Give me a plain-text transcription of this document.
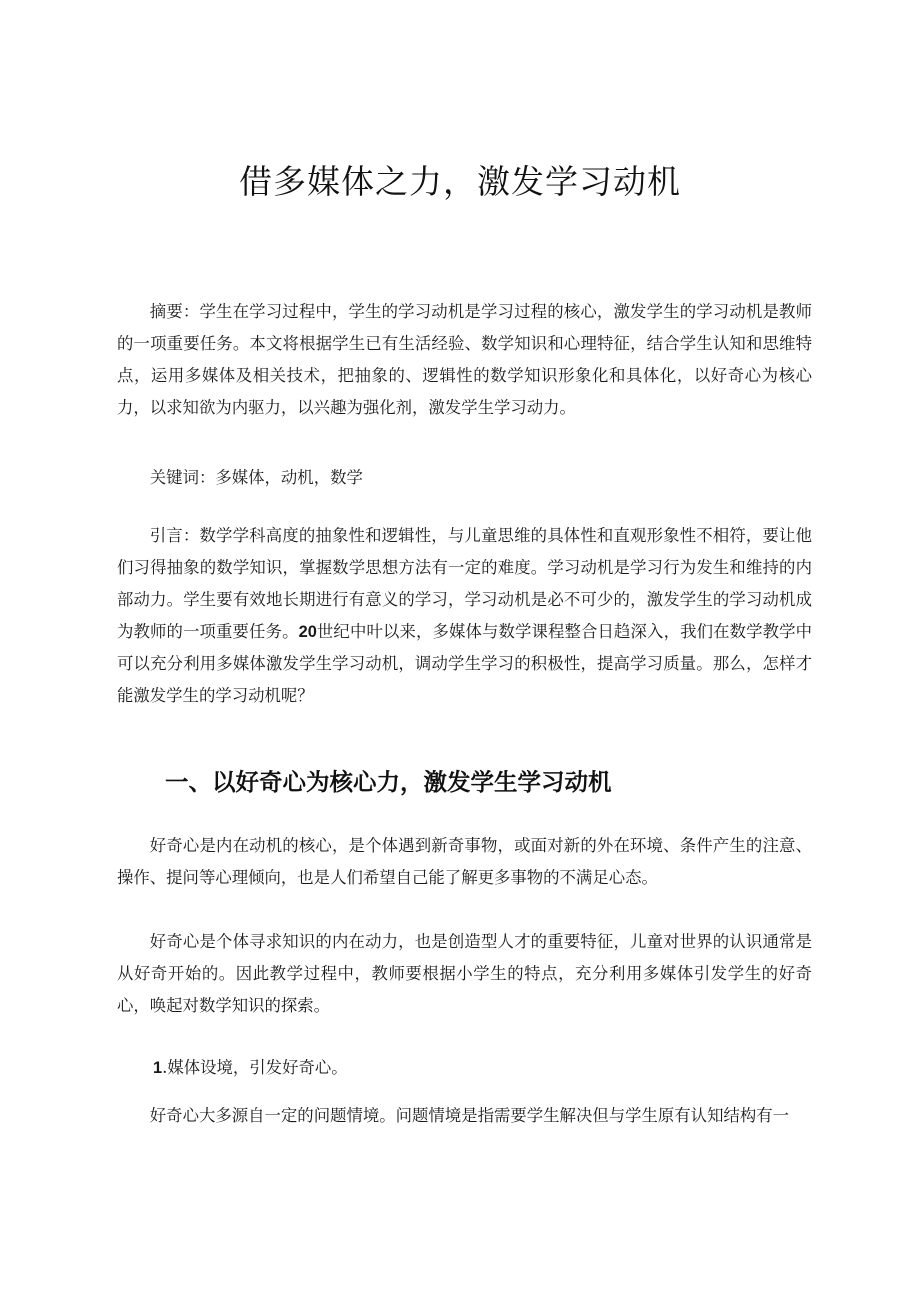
借多媒体之力，激发学习动机

摘要：学生在学习过程中，学生的学习动机是学习过程的核心，激发学生的学习动机是教师的一项重要任务。本文将根据学生已有生活经验、数学知识和心理特征，结合学生认知和思维特点，运用多媒体及相关技术，把抽象的、逻辑性的数学知识形象化和具体化，以好奇心为核心力，以求知欲为内驱力，以兴趣为强化剂，激发学生学习动力。

关键词：多媒体，动机，数学

引言：数学学科高度的抽象性和逻辑性，与儿童思维的具体性和直观形象性不相符，要让他们习得抽象的数学知识，掌握数学思想方法有一定的难度。学习动机是学习行为发生和维持的内部动力。学生要有效地长期进行有意义的学习，学习动机是必不可少的，激发学生的学习动机成为教师的一项重要任务。20世纪中叶以来，多媒体与数学课程整合日趋深入，我们在数学教学中可以充分利用多媒体激发学生学习动机，调动学生学习的积极性，提高学习质量。那么，怎样才能激发学生的学习动机呢？

一、以好奇心为核心力，激发学生学习动机

好奇心是内在动机的核心，是个体遇到新奇事物，或面对新的外在环境、条件产生的注意、操作、提问等心理倾向，也是人们希望自己能了解更多事物的不满足心态。

好奇心是个体寻求知识的内在动力，也是创造型人才的重要特征，儿童对世界的认识通常是从好奇开始的。因此教学过程中，教师要根据小学生的特点，充分利用多媒体引发学生的好奇心，唤起对数学知识的探索。

1.媒体设境，引发好奇心。

好奇心大多源自一定的问题情境。问题情境是指需要学生解决但与学生原有认知结构有一
